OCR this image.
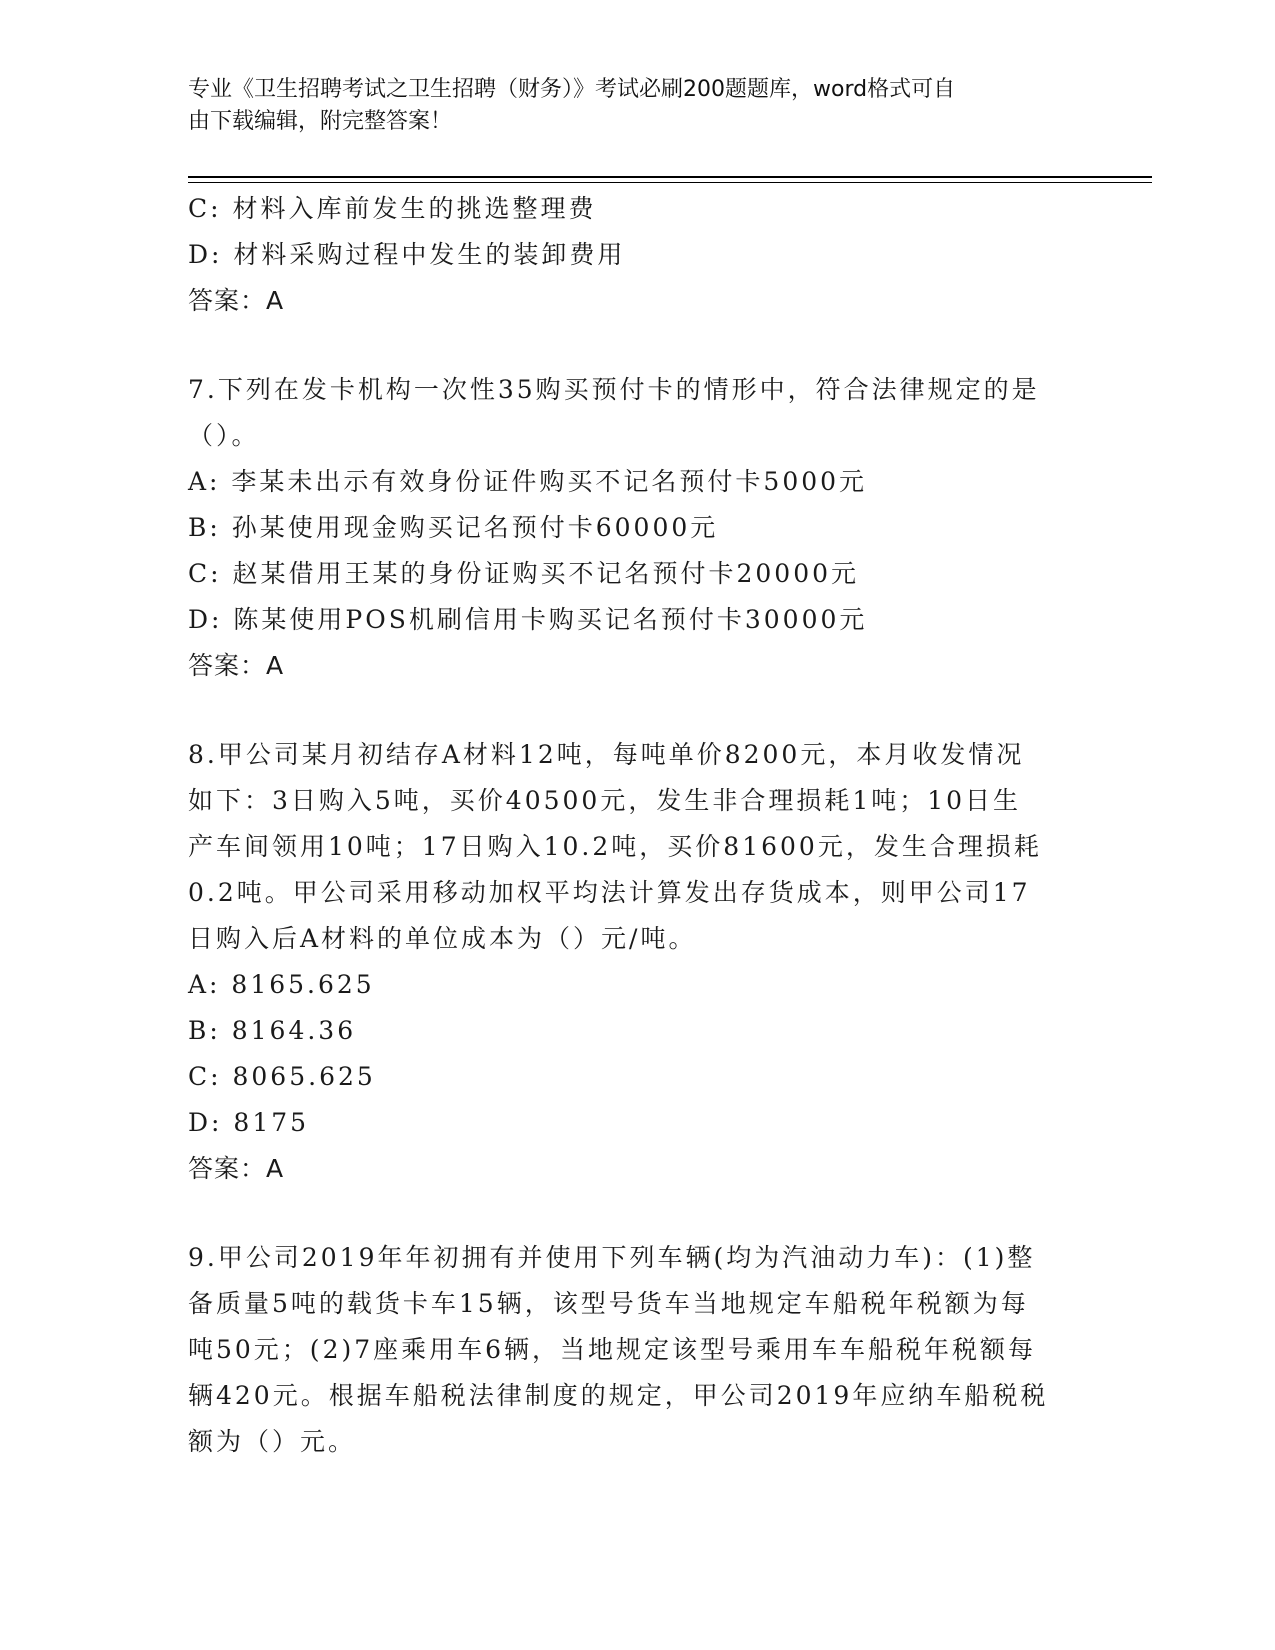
专业《卫生招聘考试之卫生招聘（财务）》考试必刷200题题库，word格式可自
由下载编辑，附完整答案！
C: 材料入库前发生的挑选整理费
D: 材料采购过程中发生的装卸费用
答案：A
7.下列在发卡机构一次性35购买预付卡的情形中，符合法律规定的是
（）。
A: 李某未出示有效身份证件购买不记名预付卡5000元
B: 孙某使用现金购买记名预付卡60000元
C: 赵某借用王某的身份证购买不记名预付卡20000元
D: 陈某使用POS机刷信用卡购买记名预付卡30000元
答案：A
8.甲公司某月初结存A材料12吨，每吨单价8200元，本月收发情况
如下：3日购入5吨，买价40500元，发生非合理损耗1吨；10日生
产车间领用10吨；17日购入10.2吨，买价81600元，发生合理损耗
0.2吨。甲公司采用移动加权平均法计算发出存货成本，则甲公司17
日购入后A材料的单位成本为（）元/吨。
A: 8165.625
B: 8164.36
C: 8065.625
D: 8175
答案：A
9.甲公司2019年年初拥有并使用下列车辆(均为汽油动力车)：(1)整
备质量5吨的载货卡车15辆，该型号货车当地规定车船税年税额为每
吨50元；(2)7座乘用车6辆，当地规定该型号乘用车车船税年税额每
辆420元。根据车船税法律制度的规定，甲公司2019年应纳车船税税
额为（）元。
